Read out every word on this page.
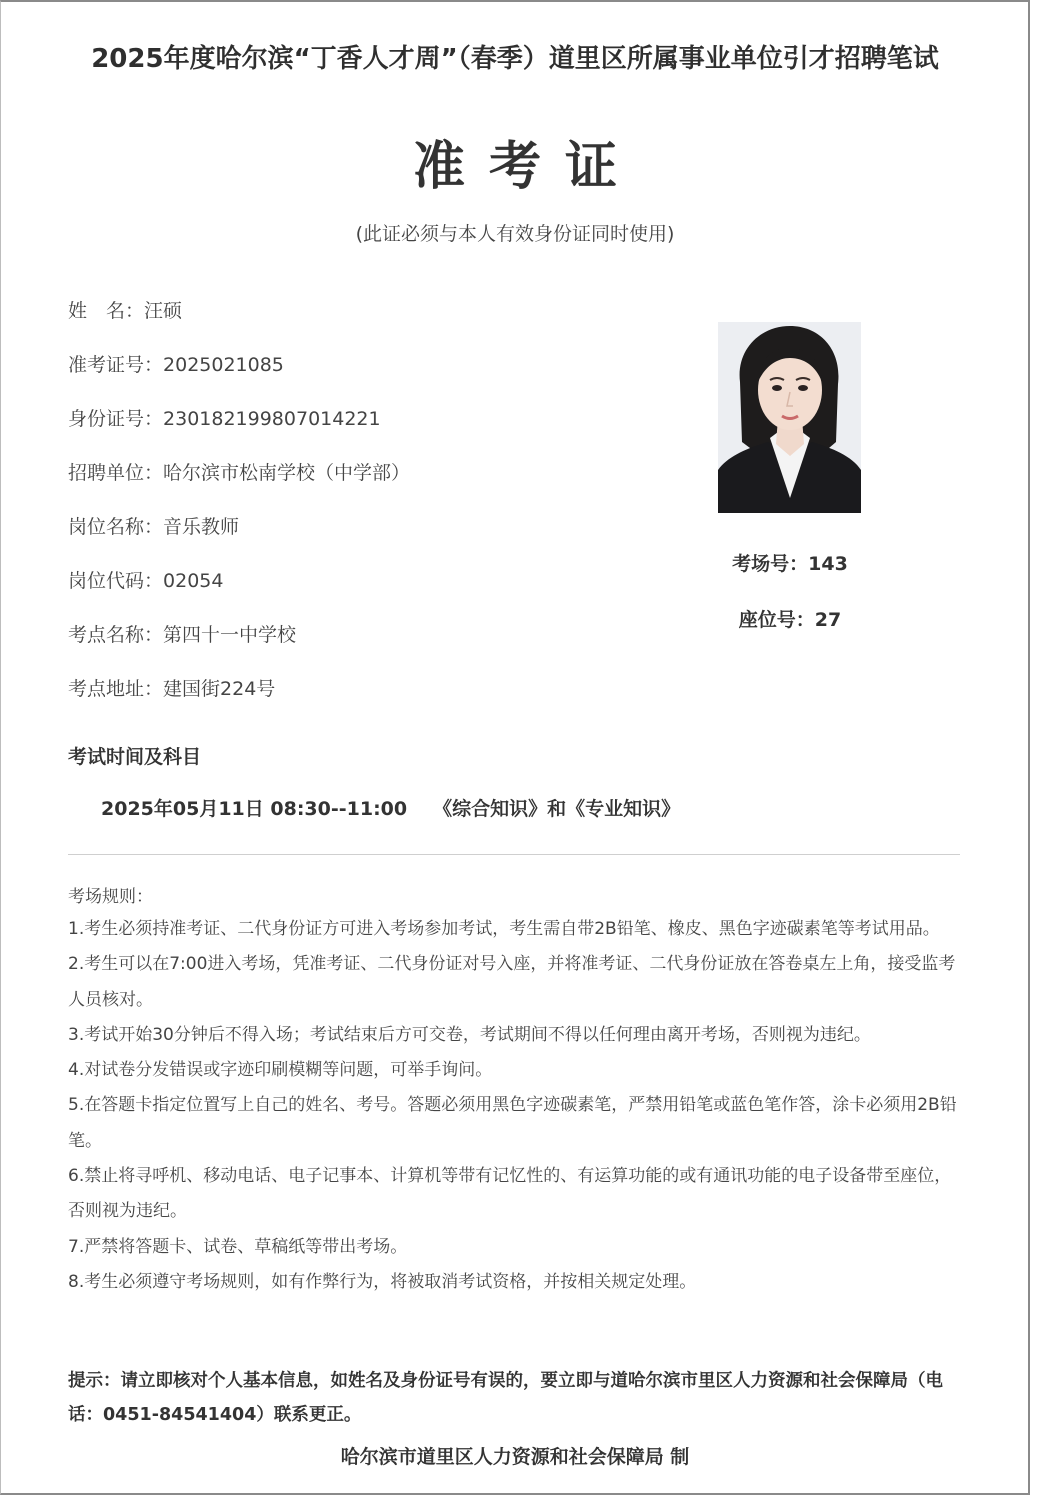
2025年度哈尔滨“丁香人才周”（春季）道里区所属事业单位引才招聘笔试
准考证
(此证必须与本人有效身份证同时使用)
姓　名：汪硕
准考证号：2025021085
身份证号：230182199807014221
招聘单位：哈尔滨市松南学校（中学部）
岗位名称：音乐教师
岗位代码：02054
考点名称：第四十一中学校
考点地址：建国街224号
考场号：143
座位号：27
考试时间及科目
2025年05月11日 08:30--11:00 《综合知识》和《专业知识》
考场规则：
1.考生必须持准考证、二代身份证方可进入考场参加考试，考生需自带2B铅笔、橡皮、黑色字迹碳素笔等考试用品。
2.考生可以在7:00进入考场，凭准考证、二代身份证对号入座，并将准考证、二代身份证放在答卷桌左上角，接受监考人员核对。
3.考试开始30分钟后不得入场；考试结束后方可交卷，考试期间不得以任何理由离开考场，否则视为违纪。
4.对试卷分发错误或字迹印刷模糊等问题，可举手询问。
5.在答题卡指定位置写上自己的姓名、考号。答题必须用黑色字迹碳素笔，严禁用铅笔或蓝色笔作答，涂卡必须用2B铅笔。
6.禁止将寻呼机、移动电话、电子记事本、计算机等带有记忆性的、有运算功能的或有通讯功能的电子设备带至座位，否则视为违纪。
7.严禁将答题卡、试卷、草稿纸等带出考场。
8.考生必须遵守考场规则，如有作弊行为，将被取消考试资格，并按相关规定处理。
提示：请立即核对个人基本信息，如姓名及身份证号有误的，要立即与道哈尔滨市里区人力资源和社会保障局（电话：0451-84541404）联系更正。
哈尔滨市道里区人力资源和社会保障局 制
